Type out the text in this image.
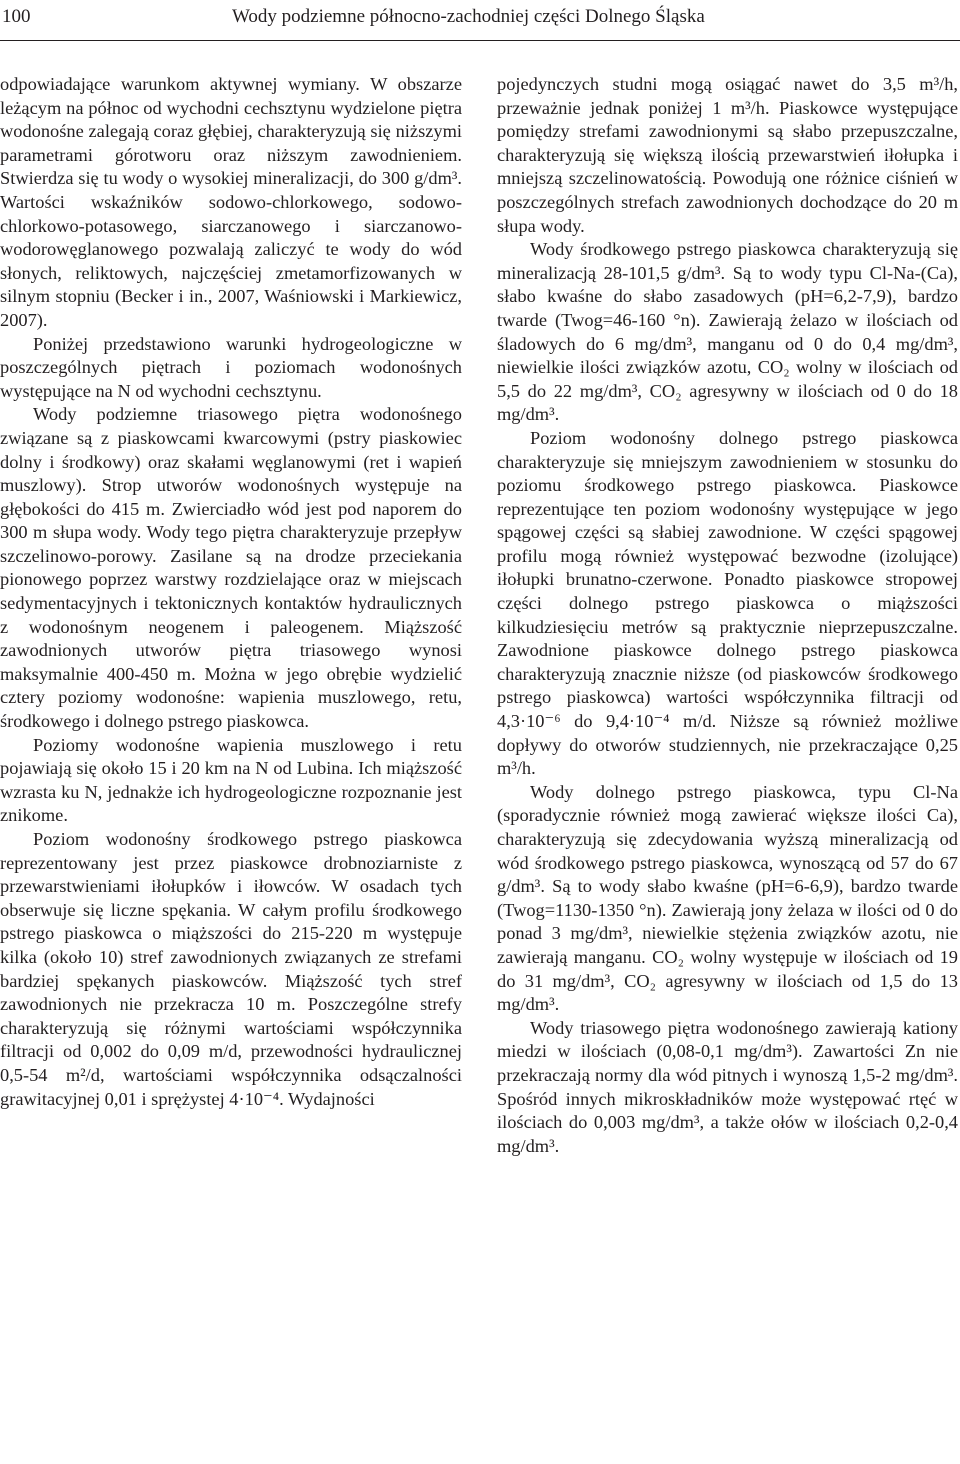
100	Wody podziemne północno-zachodniej części Dolnego Śląska

odpowiadające warunkom aktywnej wymiany. W obszarze leżącym na północ od wychodni cechsztynu wydzielone piętra wodonośne zalegają coraz głębiej, charakteryzują się niższymi parametrami górotworu oraz niższym zawodnieniem. Stwierdza się tu wody o wysokiej mineralizacji, do 300 g/dm³. Wartości wskaźników sodowo-chlorkowego, sodowo-chlorkowo-potasowego, siarczanowego i siarczanowo-wodorowęglanowego pozwalają zaliczyć te wody do wód słonych, reliktowych, najczęściej zmetamorfizowanych w silnym stopniu (Becker i in., 2007, Waśniowski i Markiewicz, 2007).

Poniżej przedstawiono warunki hydrogeologiczne w poszczególnych piętrach i poziomach wodonośnych występujące na N od wychodni cechsztynu.

Wody podziemne triasowego piętra wodonośnego związane są z piaskowcami kwarcowymi (pstry piaskowiec dolny i środkowy) oraz skałami węglanowymi (ret i wapień muszlowy). Strop utworów wodonośnych występuje na głębokości do 415 m. Zwierciadło wód jest pod naporem do 300 m słupa wody. Wody tego piętra charakteryzuje przepływ szczelinowo-porowy. Zasilane są na drodze przeciekania pionowego poprzez warstwy rozdzielające oraz w miejscach sedymentacyjnych i tektonicznych kontaktów hydraulicznych z wodonośnym neogenem i paleogenem. Miąższość zawodnionych utworów piętra triasowego wynosi maksymalnie 400-450 m. Można w jego obrębie wydzielić cztery poziomy wodonośne: wapienia muszlowego, retu, środkowego i dolnego pstrego piaskowca.

Poziomy wodonośne wapienia muszlowego i retu pojawiają się około 15 i 20 km na N od Lubina. Ich miąższość wzrasta ku N, jednakże ich hydrogeologiczne rozpoznanie jest znikome.

Poziom wodonośny środkowego pstrego piaskowca reprezentowany jest przez piaskowce drobnoziarniste z przewarstwieniami iłołupków i iłowców. W osadach tych obserwuje się liczne spękania. W całym profilu środkowego pstrego piaskowca o miąższości do 215-220 m występuje kilka (około 10) stref zawodnionych związanych ze strefami bardziej spękanych piaskowców. Miąższość tych stref zawodnionych nie przekracza 10 m. Poszczególne strefy charakteryzują się różnymi wartościami współczynnika filtracji od 0,002 do 0,09 m/d, przewodności hydraulicznej 0,5-54 m²/d, wartościami współczynnika odsączalności grawitacyjnej 0,01 i sprężystej 4·10⁻⁴. Wydajności

pojedynczych studni mogą osiągać nawet do 3,5 m³/h, przeważnie jednak poniżej 1 m³/h. Piaskowce występujące pomiędzy strefami zawodnionymi są słabo przepuszczalne, charakteryzują się większą ilością przewarstwień iłołupka i mniejszą szczelinowatością. Powodują one różnice ciśnień w poszczególnych strefach zawodnionych dochodzące do 20 m słupa wody.

Wody środkowego pstrego piaskowca charakteryzują się mineralizacją 28-101,5 g/dm³. Są to wody typu Cl-Na-(Ca), słabo kwaśne do słabo zasadowych (pH=6,2-7,9), bardzo twarde (Twog=46-160 °n). Zawierają żelazo w ilościach od śladowych do 6 mg/dm³, manganu od 0 do 0,4 mg/dm³, niewielkie ilości związków azotu, CO₂ wolny w ilościach od 5,5 do 22 mg/dm³, CO₂ agresywny w ilościach od 0 do 18 mg/dm³.

Poziom wodonośny dolnego pstrego piaskowca charakteryzuje się mniejszym zawodnieniem w stosunku do poziomu środkowego pstrego piaskowca. Piaskowce reprezentujące ten poziom wodonośny występujące w jego spągowej części są słabiej zawodnione. W części spągowej profilu mogą również występować bezwodne (izolujące) iłołupki brunatno-czerwone. Ponadto piaskowce stropowej części dolnego pstrego piaskowca o miąższości kilkudziesięciu metrów są praktycznie nieprzepuszczalne. Zawodnione piaskowce dolnego pstrego piaskowca charakteryzują znacznie niższe (od piaskowców środkowego pstrego piaskowca) wartości współczynnika filtracji od 4,3·10⁻⁶ do 9,4·10⁻⁴ m/d. Niższe są również możliwe dopływy do otworów studziennych, nie przekraczające 0,25 m³/h.

Wody dolnego pstrego piaskowca, typu Cl-Na (sporadycznie również mogą zawierać większe ilości Ca), charakteryzują się zdecydowania wyższą mineralizacją od wód środkowego pstrego piaskowca, wynoszącą od 57 do 67 g/dm³. Są to wody słabo kwaśne (pH=6-6,9), bardzo twarde (Twog=1130-1350 °n). Zawierają jony żelaza w ilości od 0 do ponad 3 mg/dm³, niewielkie stężenia związków azotu, nie zawierają manganu. CO₂ wolny występuje w ilościach od 19 do 31 mg/dm³, CO₂ agresywny w ilościach od 1,5 do 13 mg/dm³.

Wody triasowego piętra wodonośnego zawierają kationy miedzi w ilościach (0,08-0,1 mg/dm³). Zawartości Zn nie przekraczają normy dla wód pitnych i wynoszą 1,5-2 mg/dm³. Spośród innych mikroskładników może występować rtęć w ilościach do 0,003 mg/dm³, a także ołów w ilościach 0,2-0,4 mg/dm³.
